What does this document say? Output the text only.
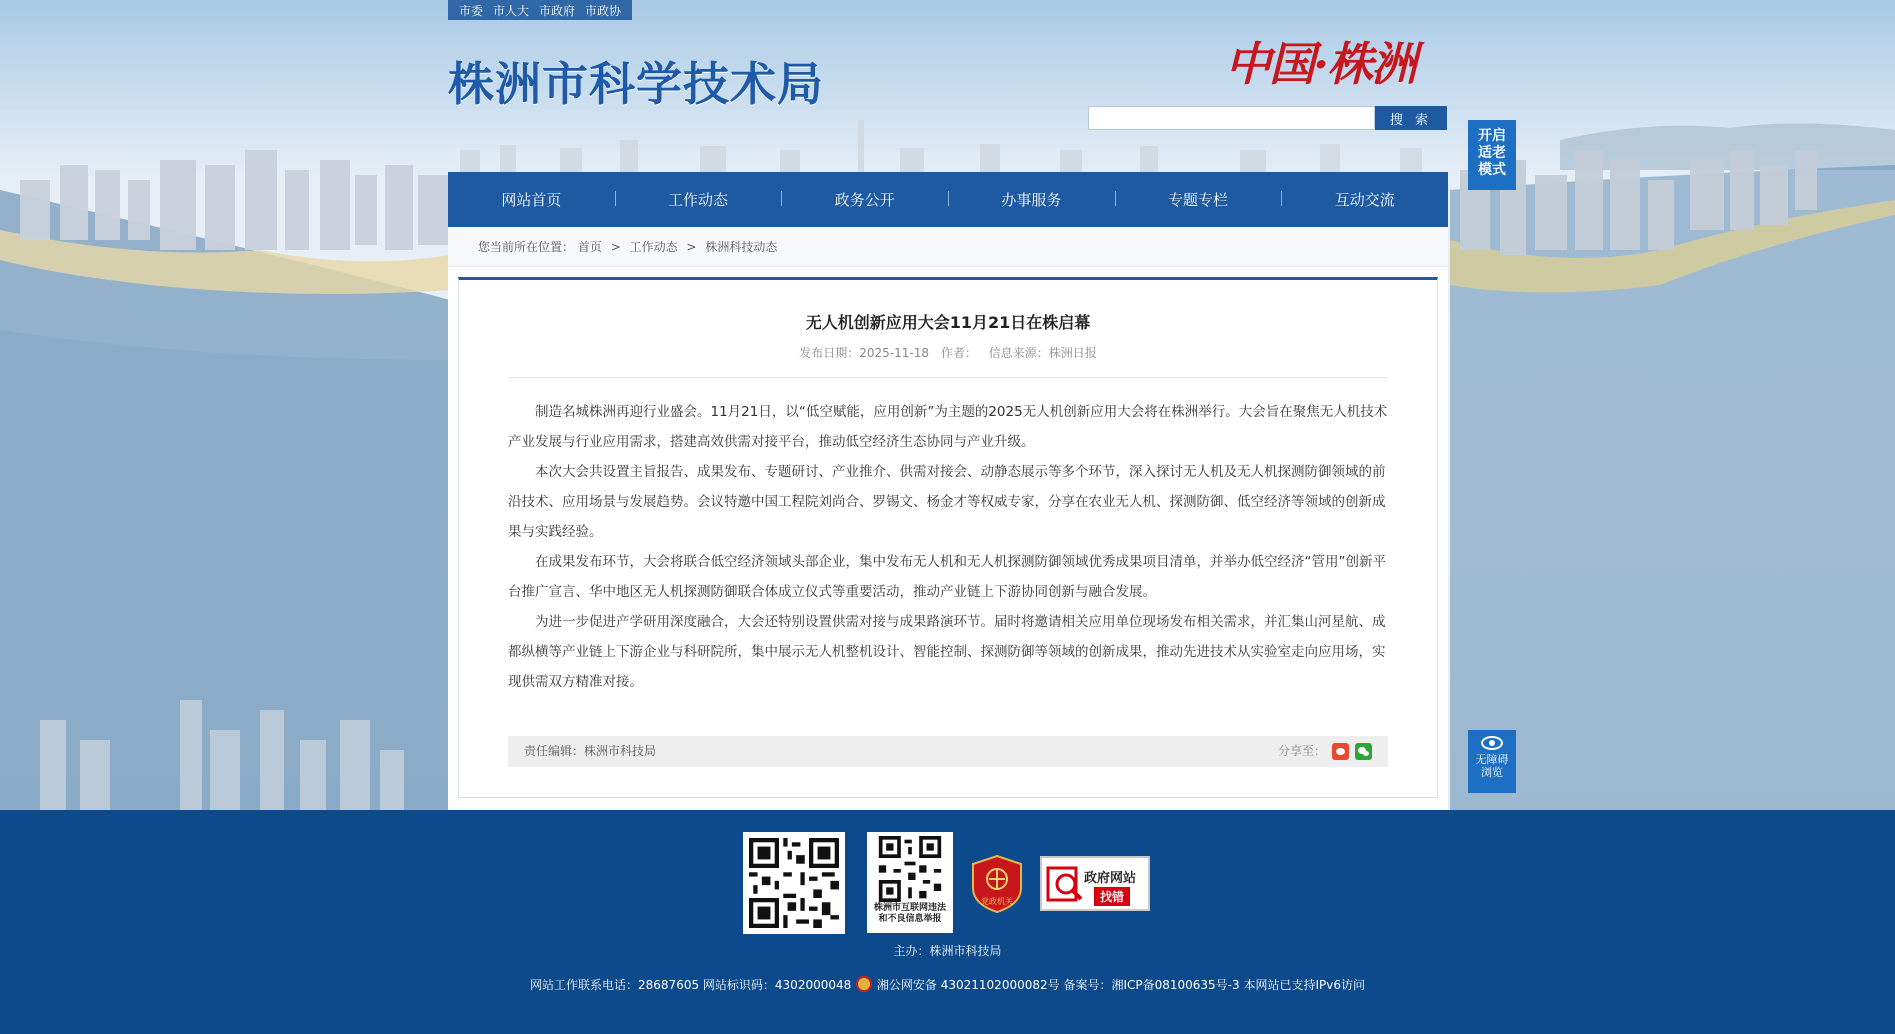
市委 市人大 市政府 市政协
株洲市科学技术局	中国·株洲
搜 索
开启适老模式
网站首页	工作动态	政务公开	办事服务	专题专栏	互动交流
您当前所在位置： 首页 > 工作动态 > 株洲科技动态
无人机创新应用大会11月21日在株启幕
发布日期：2025-11-18 作者： 信息来源：株洲日报

制造名城株洲再迎行业盛会。11月21日，以“低空赋能，应用创新”为主题的2025无人机创新应用大会将在株洲举行。大会旨在聚焦无人机技术产业发展与行业应用需求，搭建高效供需对接平台，推动低空经济生态协同与产业升级。

本次大会共设置主旨报告、成果发布、专题研讨、产业推介、供需对接会、动静态展示等多个环节，深入探讨无人机及无人机探测防御领域的前沿技术、应用场景与发展趋势。会议特邀中国工程院刘尚合、罗锡文、杨金才等权威专家，分享在农业无人机、探测防御、低空经济等领域的创新成果与实践经验。

在成果发布环节，大会将联合低空经济领域头部企业，集中发布无人机和无人机探测防御领域优秀成果项目清单，并举办低空经济“管用”创新平台推广宣言、华中地区无人机探测防御联合体成立仪式等重要活动，推动产业链上下游协同创新与融合发展。

为进一步促进产学研用深度融合，大会还特别设置供需对接与成果路演环节。届时将邀请相关应用单位现场发布相关需求，并汇集山河星航、成都纵横等产业链上下游企业与科研院所，集中展示无人机整机设计、智能控制、探测防御等领域的创新成果，推动先进技术从实验室走向应用场，实现供需双方精准对接。

责任编辑：株洲市科技局	分享至：
无障碍浏览
株洲市互联网违法和不良信息举报
党政机关
政府网站
找错
主办：株洲市科技局
网站工作联系电话：28687605 网站标识码：4302000048 湘公网安备 43021102000082号 备案号：湘ICP备08100635号-3 本网站已支持IPv6访问
